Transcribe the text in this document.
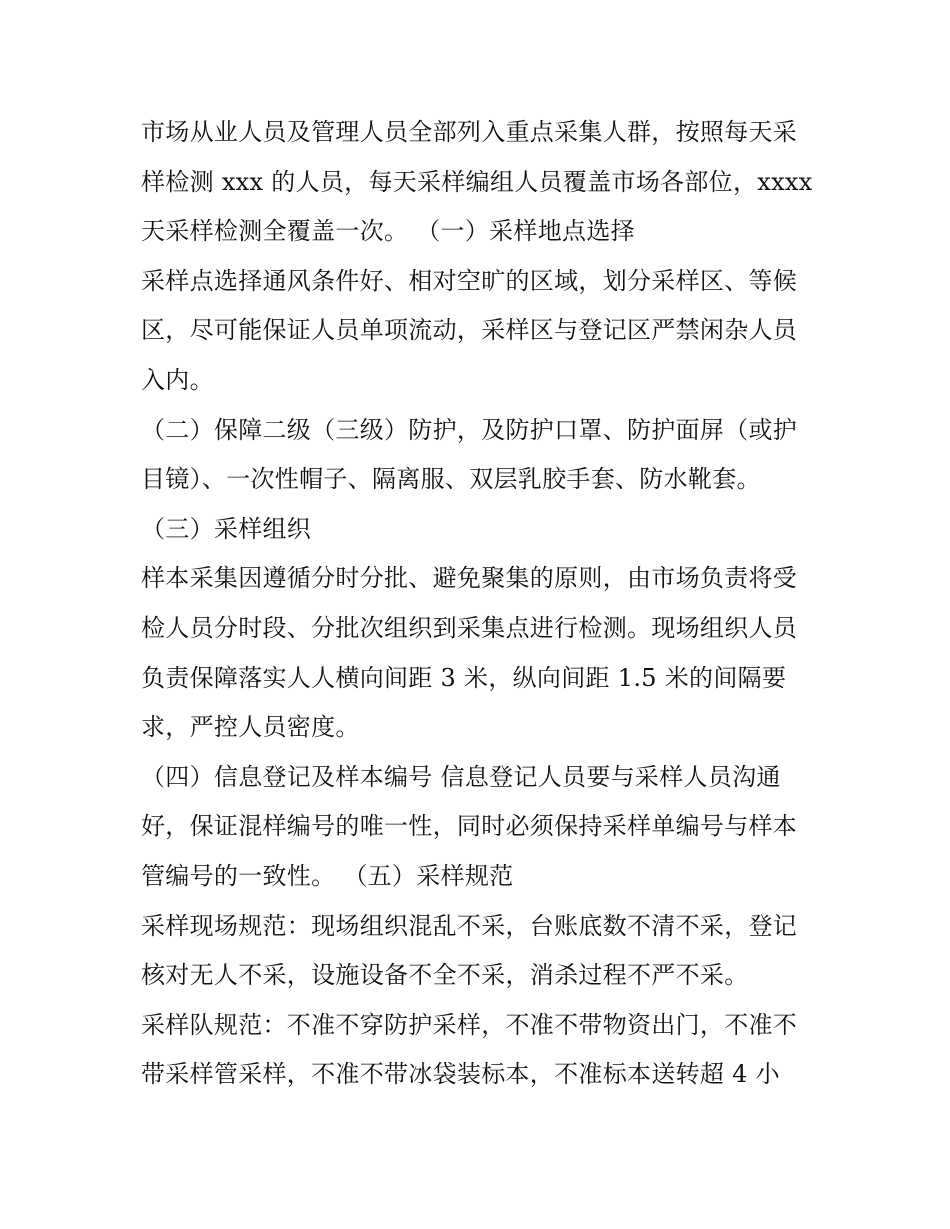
市场从业人员及管理人员全部列入重点采集人群，按照每天采
样检测 xxx 的人员，每天采样编组人员覆盖市场各部位，xxxx
天采样检测全覆盖一次。 （一）采样地点选择
采样点选择通风条件好、相对空旷的区域，划分采样区、等候
区，尽可能保证人员单项流动，采样区与登记区严禁闲杂人员
入内。
（二）保障二级（三级）防护，及防护口罩、防护面屏（或护
目镜）、一次性帽子、隔离服、双层乳胶手套、防水靴套。
（三）采样组织
样本采集因遵循分时分批、避免聚集的原则，由市场负责将受
检人员分时段、分批次组织到采集点进行检测。现场组织人员
负责保障落实人人横向间距 3 米，纵向间距 1.5 米的间隔要
求，严控人员密度。
（四）信息登记及样本编号 信息登记人员要与采样人员沟通
好，保证混样编号的唯一性，同时必须保持采样单编号与样本
管编号的一致性。 （五）采样规范
采样现场规范：现场组织混乱不采，台账底数不清不采，登记
核对无人不采，设施设备不全不采，消杀过程不严不采。
采样队规范：不准不穿防护采样，不准不带物资出门，不准不
带采样管采样，不准不带冰袋装标本，不准标本送转超 4 小
